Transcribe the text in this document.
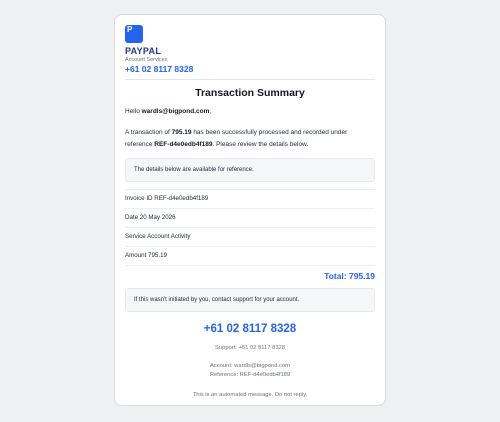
P
PAYPAL
Account Services
+61 02 8117 8328
Transaction Summary
Hello wardls@bigpond.com,
A transaction of 795.19 has been successfully processed and recorded under reference REF-d4e0edb4f189. Please review the details below.
The details below are available for reference.
Invoice ID REF-d4e0edb4f189
Date 20 May 2026
Service Account Activity
Amount 795.19
Total: 795.19
If this wasn't initiated by you, contact support for your account.
+61 02 8117 8328
Support: +61 02 8117 8328
Account: wardls@bigpond.com
Reference: REF-d4e0edb4f189
This is an automated message. Do not reply.
